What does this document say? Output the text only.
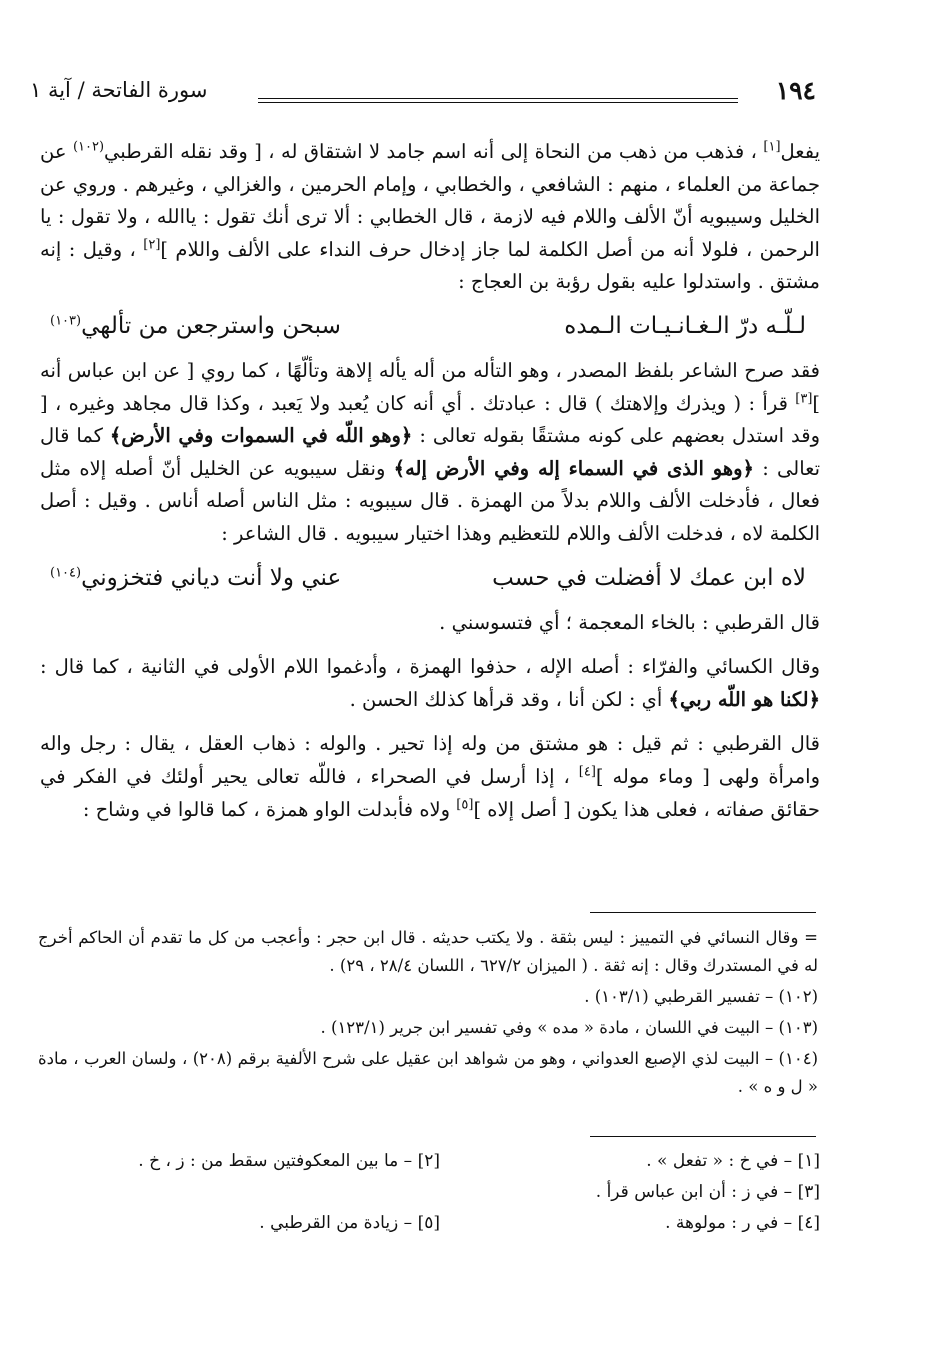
١٩٤
سورة الفاتحة / آية ١

يفعل[١] ، فذهب من ذهب من النحاة إلى أنه اسم جامد لا اشتقاق له ، [ وقد نقله القرطبي$^{(١٠٢)}$ عن جماعة من العلماء ، منهم : الشافعي ، والخطابي ، وإمام الحرمين ، والغزالي ، وغيرهم . وروي عن الخليل وسيبويه أنّ الألف واللام فيه لازمة ، قال الخطابي : ألا ترى أنك تقول : ياالله ، ولا تقول : يا الرحمن ، فلولا أنه من أصل الكلمة لما جاز إدخال حرف النداء على الألف واللام ][٢] ، وقيل : إنه مشتق . واستدلوا عليه بقول رؤبة بن العجاج :

لـلّـه درّ الـغـانـيـات الـمده
سبحن واسترجعن من تألهي$^{(١٠٣)}$

فقد صرح الشاعر بلفظ المصدر ، وهو التأله من أله يأله إلاهة وتألّهًا ، كما روي [ عن ابن عباس أنه ][٣] قرأ : ( ويذرك وإلاهتك ) قال : عبادتك . أي أنه كان يُعبد ولا يَعبد ، وكذا قال مجاهد وغيره ، [ وقد استدل بعضهم على كونه مشتقًا بقوله تعالى : ﴿وهو اللّه في السموات وفي الأرض﴾ كما قال تعالى : ﴿وهو الذى في السماء إله وفي الأرض إله﴾ ونقل سيبويه عن الخليل أنّ أصله إلاه مثل فعال ، فأدخلت الألف واللام بدلاً من الهمزة . قال سيبويه : مثل الناس أصله أناس . وقيل : أصل الكلمة لاه ، فدخلت الألف واللام للتعظيم وهذا اختيار سيبويه . قال الشاعر :

لاه ابن عمك لا أفضلت في حسب
عني ولا أنت دياني فتخزوني$^{(١٠٤)}$

قال القرطبي : بالخاء المعجمة ؛ أي فتسوسني .

وقال الكسائي والفرّاء : أصله الإله ، حذفوا الهمزة ، وأدغموا اللام الأولى في الثانية ، كما قال : ﴿لكنا هو اللّه ربي﴾ أي : لكن أنا ، وقد قرأها كذلك الحسن .

قال القرطبي : ثم قيل : هو مشتق من وله إذا تحير . والوله : ذهاب العقل ، يقال : رجل واله وامرأة ولهى [ وماء موله ][٤] ، إذا أرسل في الصحراء ، فاللّه تعالى يحير أولئك في الفكر في حقائق صفاته ، فعلى هذا يكون [ أصل إلاه ][٥] ولاه فأبدلت الواو همزة ، كما قالوا في وشاح :

= وقال النسائي في التمييز : ليس بثقة . ولا يكتب حديثه . قال ابن حجر : وأعجب من كل ما تقدم أن الحاكم أخرج له في المستدرك وقال : إنه ثقة . ( الميزان ٦٢٧/٢ ، اللسان ٢٨/٤ ، ٢٩) .

(١٠٢) – تفسير القرطبي (١٠٣/١) .

(١٠٣) – البيت في اللسان ، مادة « مده » وفي تفسير ابن جرير (١٢٣/١) .

(١٠٤) – البيت لذي الإصبع العدواني ، وهو من شواهد ابن عقيل على شرح الألفية برقم (٢٠٨) ، ولسان العرب ، مادة « ل و ه » .

[١] – في خ : « تفعل » .
[٢] – ما بين المعكوفتين سقط من : ز ، خ .
[٣] – في ز : أن ابن عباس قرأ .
[٤] – في ر : مولوهة .
[٥] – زيادة من القرطبي .
